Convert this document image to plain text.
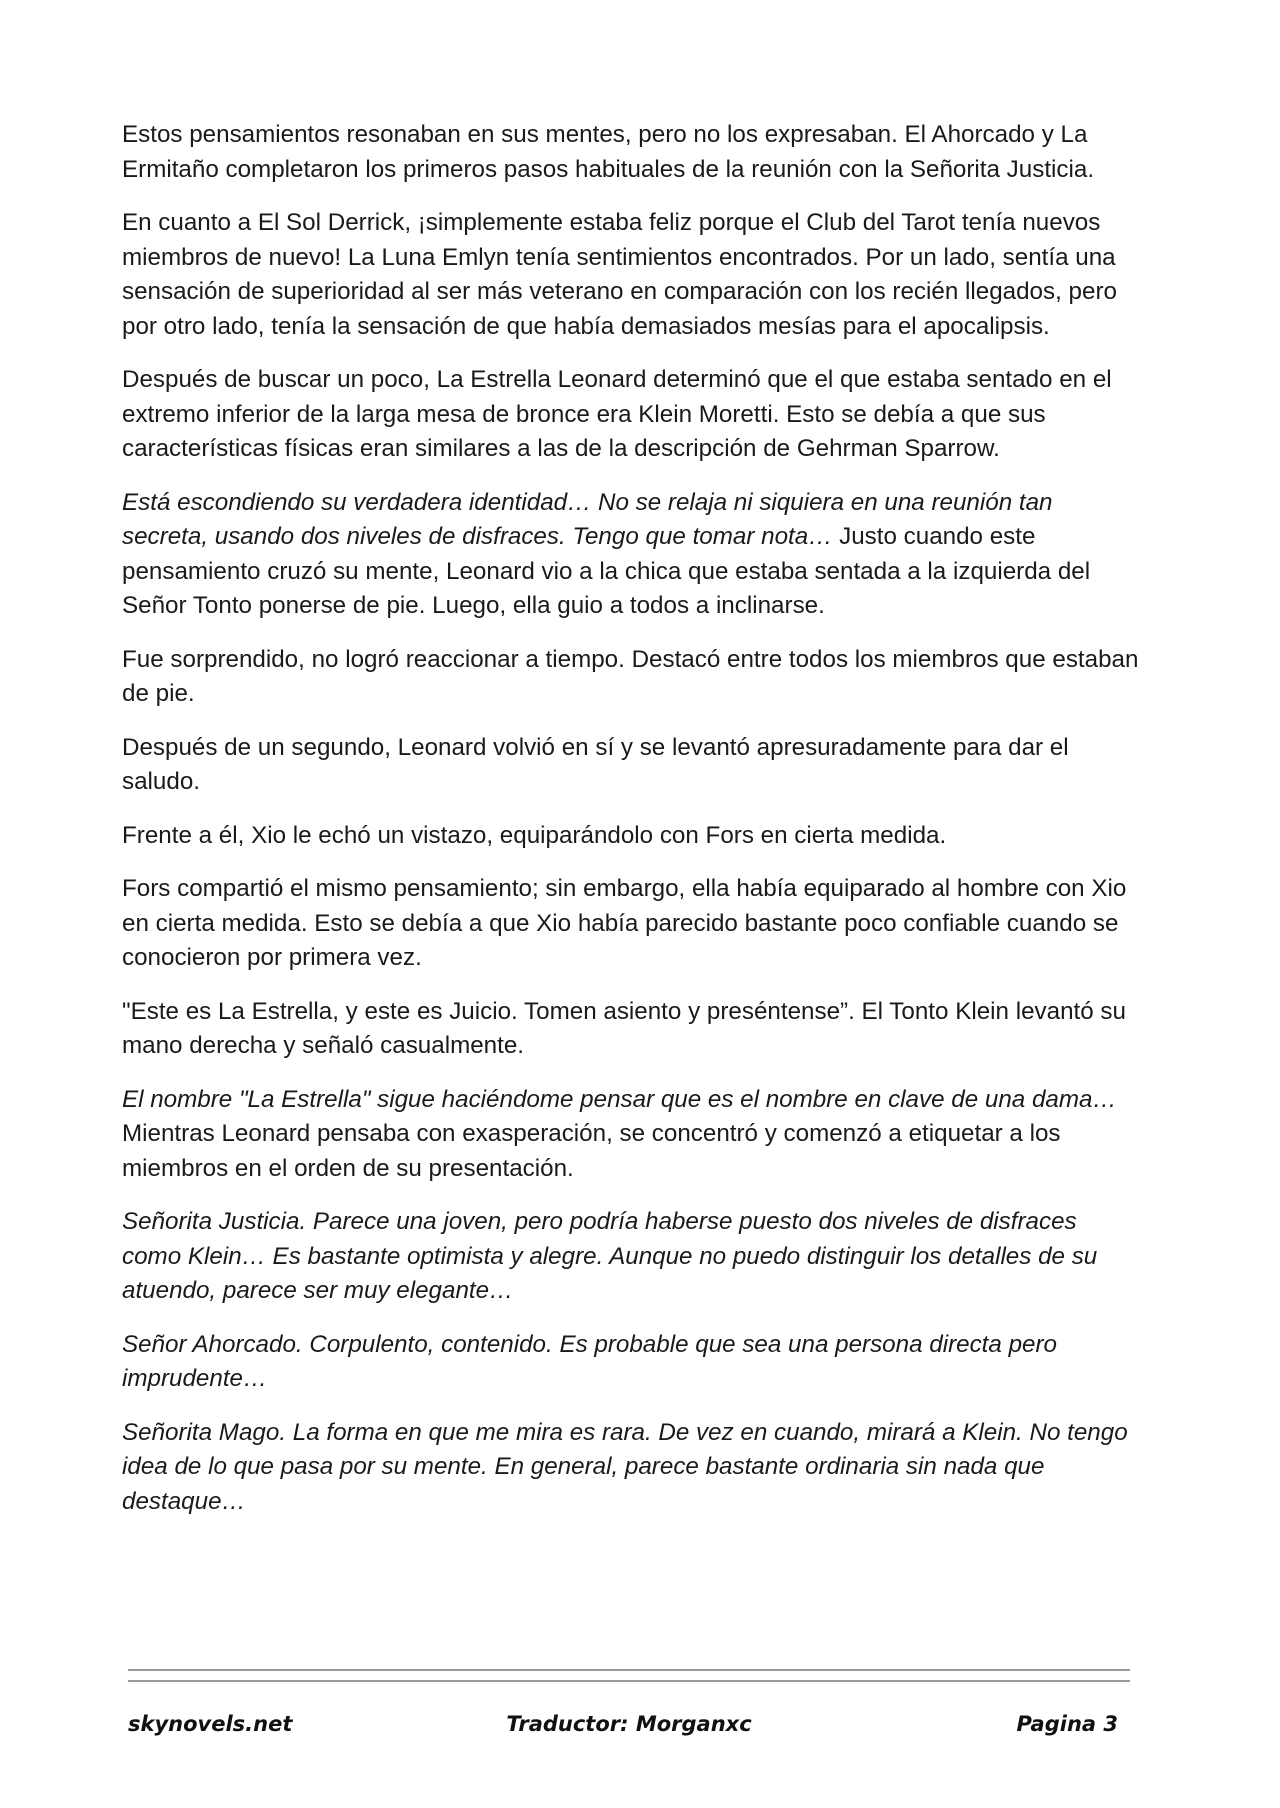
Estos pensamientos resonaban en sus mentes, pero no los expresaban. El Ahorcado y La Ermitaño completaron los primeros pasos habituales de la reunión con la Señorita Justicia.

En cuanto a El Sol Derrick, ¡simplemente estaba feliz porque el Club del Tarot tenía nuevos miembros de nuevo! La Luna Emlyn tenía sentimientos encontrados. Por un lado, sentía una sensación de superioridad al ser más veterano en comparación con los recién llegados, pero por otro lado, tenía la sensación de que había demasiados mesías para el apocalipsis.

Después de buscar un poco, La Estrella Leonard determinó que el que estaba sentado en el extremo inferior de la larga mesa de bronce era Klein Moretti. Esto se debía a que sus características físicas eran similares a las de la descripción de Gehrman Sparrow.

Está escondiendo su verdadera identidad… No se relaja ni siquiera en una reunión tan secreta, usando dos niveles de disfraces. Tengo que tomar nota… Justo cuando este pensamiento cruzó su mente, Leonard vio a la chica que estaba sentada a la izquierda del Señor Tonto ponerse de pie. Luego, ella guio a todos a inclinarse.

Fue sorprendido, no logró reaccionar a tiempo. Destacó entre todos los miembros que estaban de pie.

Después de un segundo, Leonard volvió en sí y se levantó apresuradamente para dar el saludo.

Frente a él, Xio le echó un vistazo, equiparándolo con Fors en cierta medida.

Fors compartió el mismo pensamiento; sin embargo, ella había equiparado al hombre con Xio en cierta medida. Esto se debía a que Xio había parecido bastante poco confiable cuando se conocieron por primera vez.

"Este es La Estrella, y este es Juicio. Tomen asiento y preséntense”. El Tonto Klein levantó su mano derecha y señaló casualmente.

El nombre "La Estrella" sigue haciéndome pensar que es el nombre en clave de una dama… Mientras Leonard pensaba con exasperación, se concentró y comenzó a etiquetar a los miembros en el orden de su presentación.

Señorita Justicia. Parece una joven, pero podría haberse puesto dos niveles de disfraces como Klein… Es bastante optimista y alegre. Aunque no puedo distinguir los detalles de su atuendo, parece ser muy elegante…

Señor Ahorcado. Corpulento, contenido. Es probable que sea una persona directa pero imprudente…

Señorita Mago. La forma en que me mira es rara. De vez en cuando, mirará a Klein. No tengo idea de lo que pasa por su mente. En general, parece bastante ordinaria sin nada que destaque…

skynovels.net	Traductor: Morganxc	Pagina 3
